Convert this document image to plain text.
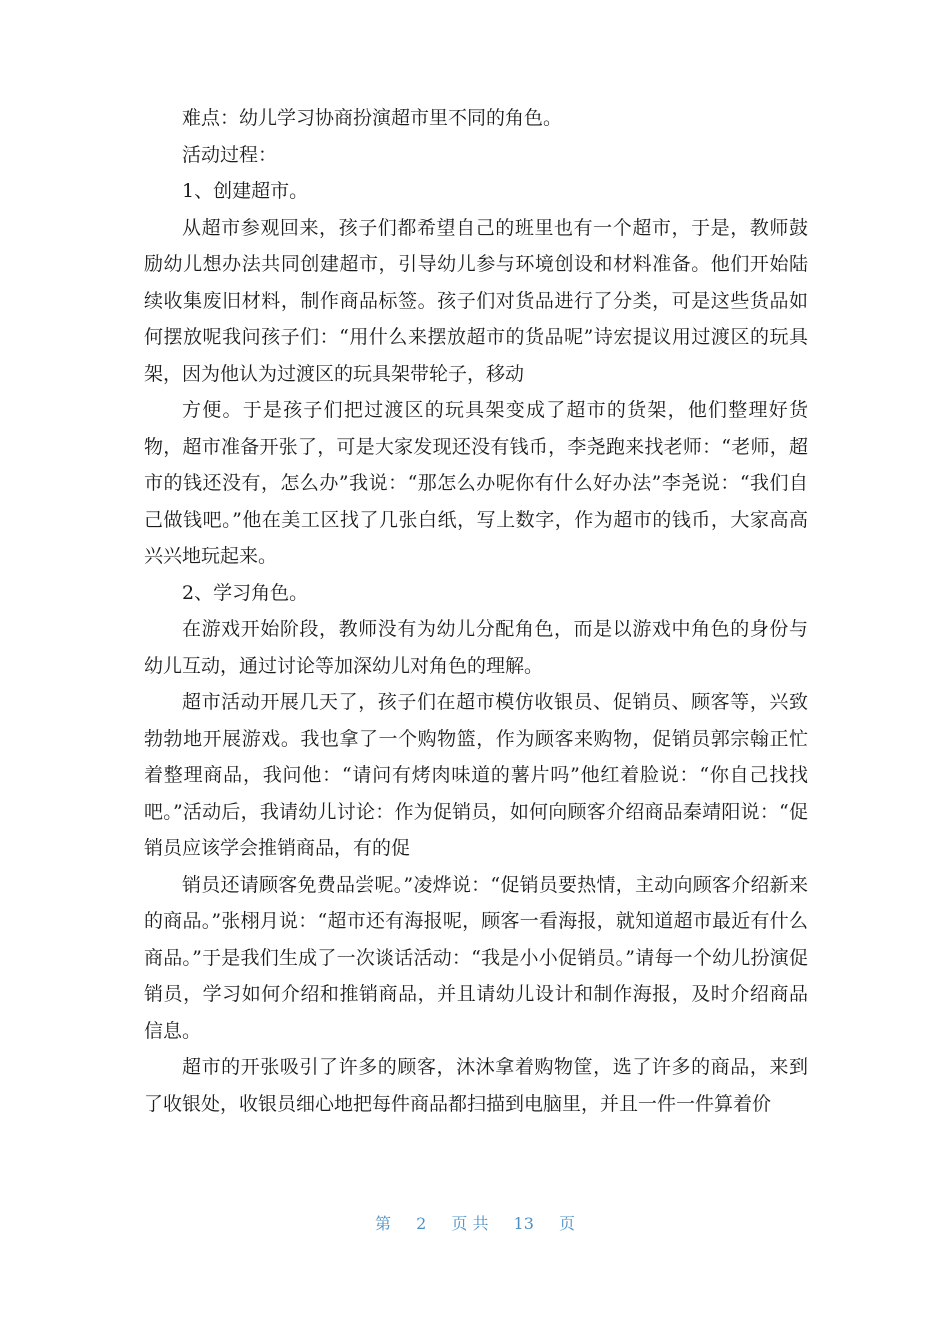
难点：幼儿学习协商扮演超市里不同的角色。

活动过程：

1、创建超市。

从超市参观回来，孩子们都希望自己的班里也有一个超市，于是，教师鼓励幼儿想办法共同创建超市，引导幼儿参与环境创设和材料准备。他们开始陆续收集废旧材料，制作商品标签。孩子们对货品进行了分类，可是这些货品如何摆放呢我问孩子们：“用什么来摆放超市的货品呢”诗宏提议用过渡区的玩具架，因为他认为过渡区的玩具架带轮子，移动

方便。于是孩子们把过渡区的玩具架变成了超市的货架，他们整理好货物，超市准备开张了，可是大家发现还没有钱币，李尧跑来找老师：“老师，超市的钱还没有，怎么办”我说：“那怎么办呢你有什么好办法”李尧说：“我们自己做钱吧。”他在美工区找了几张白纸，写上数字，作为超市的钱币，大家高高兴兴地玩起来。

2、学习角色。

在游戏开始阶段，教师没有为幼儿分配角色，而是以游戏中角色的身份与幼儿互动，通过讨论等加深幼儿对角色的理解。

超市活动开展几天了，孩子们在超市模仿收银员、促销员、顾客等，兴致勃勃地开展游戏。我也拿了一个购物篮，作为顾客来购物，促销员郭宗翰正忙着整理商品，我问他：“请问有烤肉味道的薯片吗”他红着脸说：“你自己找找吧。”活动后，我请幼儿讨论：作为促销员，如何向顾客介绍商品秦靖阳说：“促销员应该学会推销商品，有的促

销员还请顾客免费品尝呢。”凌烨说：“促销员要热情，主动向顾客介绍新来的商品。”张栩月说：“超市还有海报呢，顾客一看海报，就知道超市最近有什么商品。”于是我们生成了一次谈话活动：“我是小小促销员。”请每一个幼儿扮演促销员，学习如何介绍和推销商品，并且请幼儿设计和制作海报，及时介绍商品信息。

超市的开张吸引了许多的顾客，沐沐拿着购物筐，选了许多的商品，来到了收银处，收银员细心地把每件商品都扫描到电脑里，并且一件一件算着价

第 2 页 共 13 页
